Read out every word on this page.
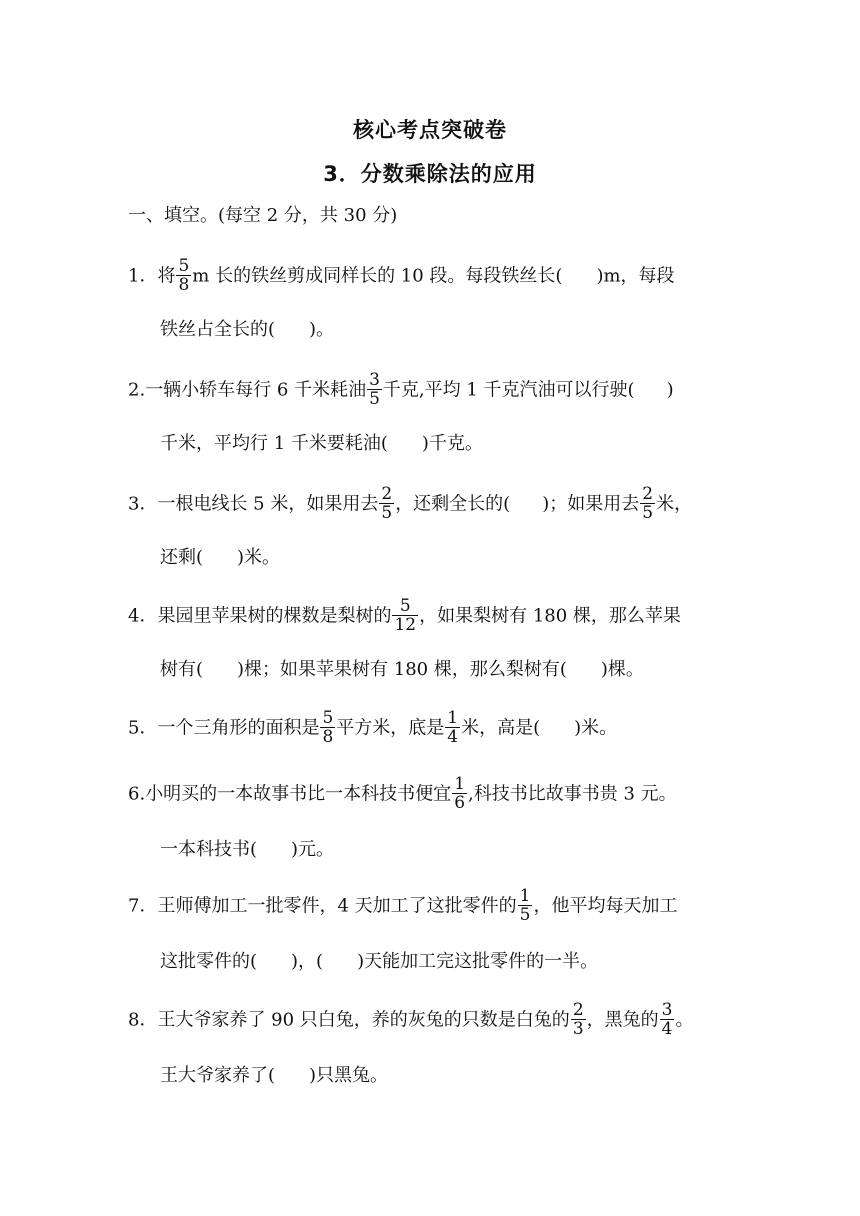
核心考点突破卷
3．分数乘除法的应用
一、填空。(每空 2 分，共 30 分)
1．将 $\frac{5}{8}$ m 长的铁丝剪成同样长的 10 段。每段铁丝长( )m，每段
铁丝占全长的( )。
2.一辆小轿车每行 6 千米耗油 $\frac{3}{5}$ 千克,平均 1 千克汽油可以行驶( )
千米，平均行 1 千米要耗油( )千克。
3．一根电线长 5 米，如果用去 $\frac{2}{5}$ ，还剩全长的( )；如果用去 $\frac{2}{5}$ 米，
还剩( )米。
4．果园里苹果树的棵数是梨树的 $\frac{5}{12}$ ，如果梨树有 180 棵，那么苹果
树有( )棵；如果苹果树有 180 棵，那么梨树有( )棵。
5．一个三角形的面积是 $\frac{5}{8}$ 平方米，底是 $\frac{1}{4}$ 米，高是( )米。
6.小明买的一本故事书比一本科技书便宜 $\frac{1}{6}$ ,科技书比故事书贵 3 元。
一本科技书( )元。
7．王师傅加工一批零件，4 天加工了这批零件的 $\frac{1}{5}$ ，他平均每天加工
这批零件的( )，( )天能加工完这批零件的一半。
8．王大爷家养了 90 只白兔，养的灰兔的只数是白兔的 $\frac{2}{3}$ ，黑兔的 $\frac{3}{4}$ 。
王大爷家养了( )只黑兔。
